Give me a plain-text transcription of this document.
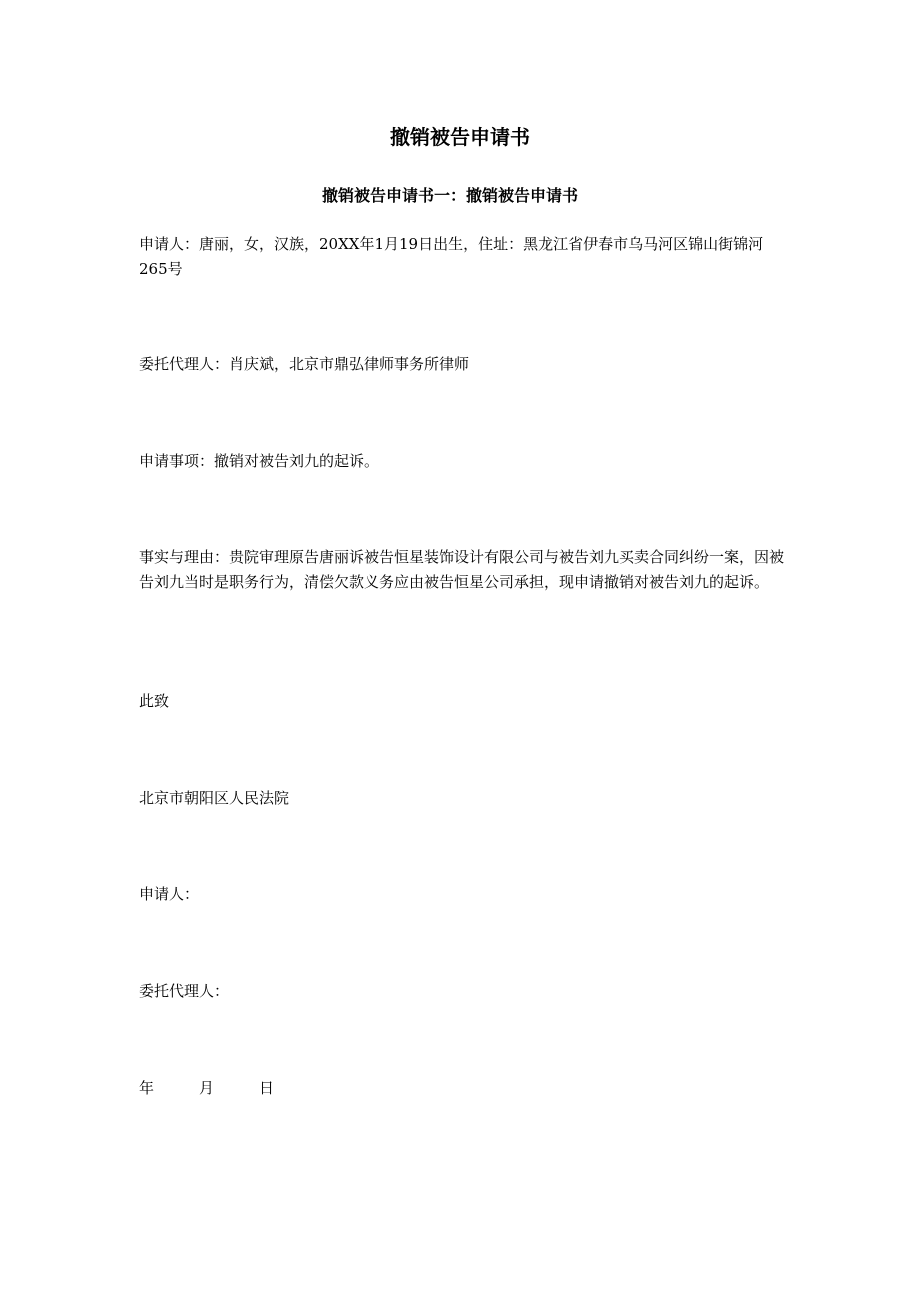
撤销被告申请书
撤销被告申请书一：撤销被告申请书

申请人：唐丽，女，汉族，20XX年1月19日出生，住址：黑龙江省伊春市乌马河区锦山街锦河265号

委托代理人：肖庆斌，北京市鼎弘律师事务所律师

申请事项：撤销对被告刘九的起诉。

事实与理由：贵院审理原告唐丽诉被告恒星装饰设计有限公司与被告刘九买卖合同纠纷一案，因被告刘九当时是职务行为，清偿欠款义务应由被告恒星公司承担，现申请撤销对被告刘九的起诉。

此致

北京市朝阳区人民法院

申请人：

委托代理人：

年	月	日
